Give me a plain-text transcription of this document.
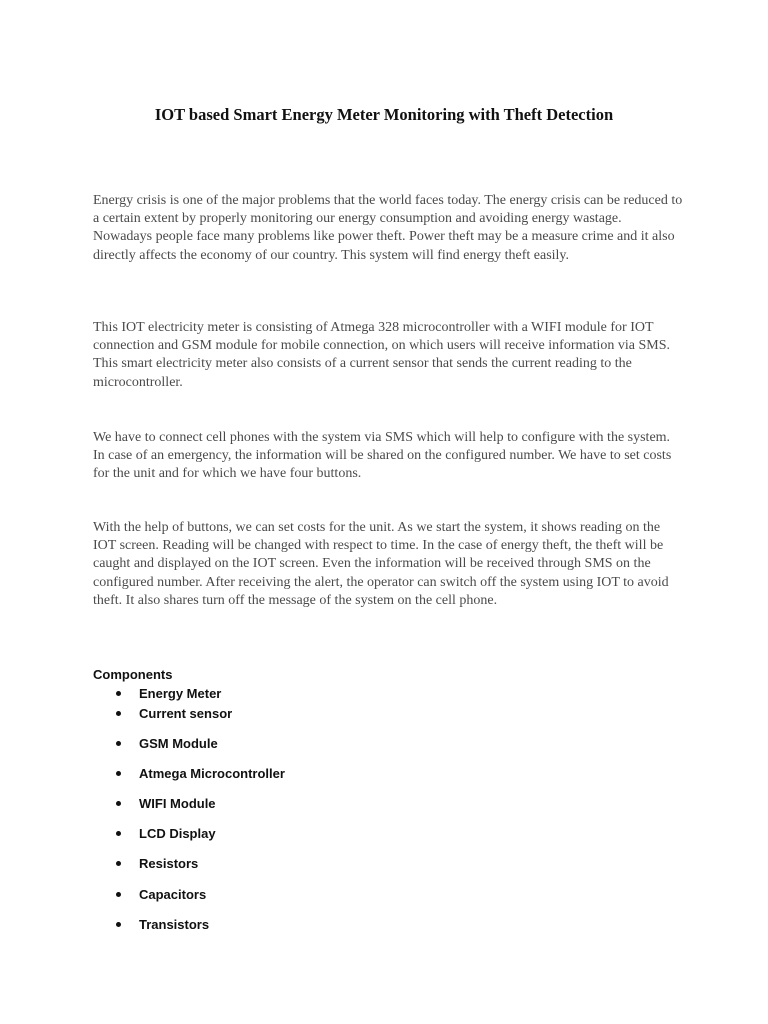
IOT based Smart Energy Meter Monitoring with Theft Detection

Energy crisis is one of the major problems that the world faces today. The energy crisis can be reduced to a certain extent by properly monitoring our energy consumption and avoiding energy wastage. Nowadays people face many problems like power theft. Power theft may be a measure crime and it also directly affects the economy of our country. This system will find energy theft easily.

This IOT electricity meter is consisting of Atmega 328 microcontroller with a WIFI module for IOT connection and GSM module for mobile connection, on which users will receive information via SMS. This smart electricity meter also consists of a current sensor that sends the current reading to the microcontroller.

We have to connect cell phones with the system via SMS which will help to configure with the system. In case of an emergency, the information will be shared on the configured number. We have to set costs for the unit and for which we have four buttons.

With the help of buttons, we can set costs for the unit. As we start the system, it shows reading on the IOT screen. Reading will be changed with respect to time. In the case of energy theft, the theft will be caught and displayed on the IOT screen. Even the information will be received through SMS on the configured number. After receiving the alert, the operator can switch off the system using IOT to avoid theft. It also shares turn off the message of the system on the cell phone.

Components
Energy Meter
Current sensor
GSM Module
Atmega Microcontroller
WIFI Module
LCD Display
Resistors
Capacitors
Transistors
